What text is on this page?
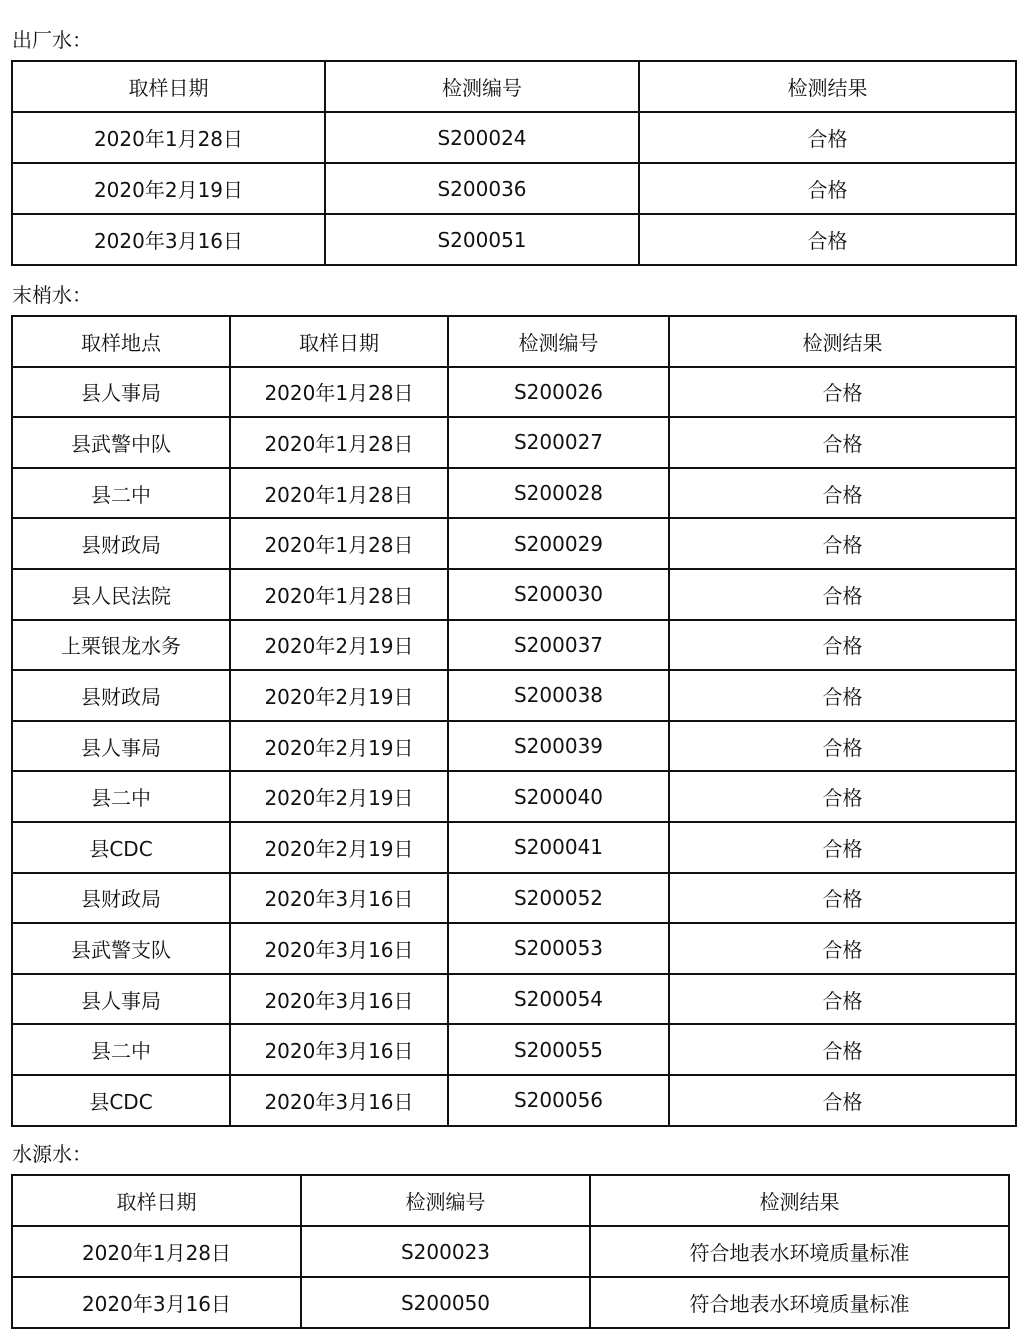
出厂水：
取样日期	检测编号	检测结果
2020年1月28日	S200024	合格
2020年2月19日	S200036	合格
2020年3月16日	S200051	合格
末梢水：
取样地点	取样日期	检测编号	检测结果
县人事局	2020年1月28日	S200026	合格
县武警中队	2020年1月28日	S200027	合格
县二中	2020年1月28日	S200028	合格
县财政局	2020年1月28日	S200029	合格
县人民法院	2020年1月28日	S200030	合格
上栗银龙水务	2020年2月19日	S200037	合格
县财政局	2020年2月19日	S200038	合格
县人事局	2020年2月19日	S200039	合格
县二中	2020年2月19日	S200040	合格
县CDC	2020年2月19日	S200041	合格
县财政局	2020年3月16日	S200052	合格
县武警支队	2020年3月16日	S200053	合格
县人事局	2020年3月16日	S200054	合格
县二中	2020年3月16日	S200055	合格
县CDC	2020年3月16日	S200056	合格
水源水：
取样日期	检测编号	检测结果
2020年1月28日	S200023	符合地表水环境质量标准
2020年3月16日	S200050	符合地表水环境质量标准
